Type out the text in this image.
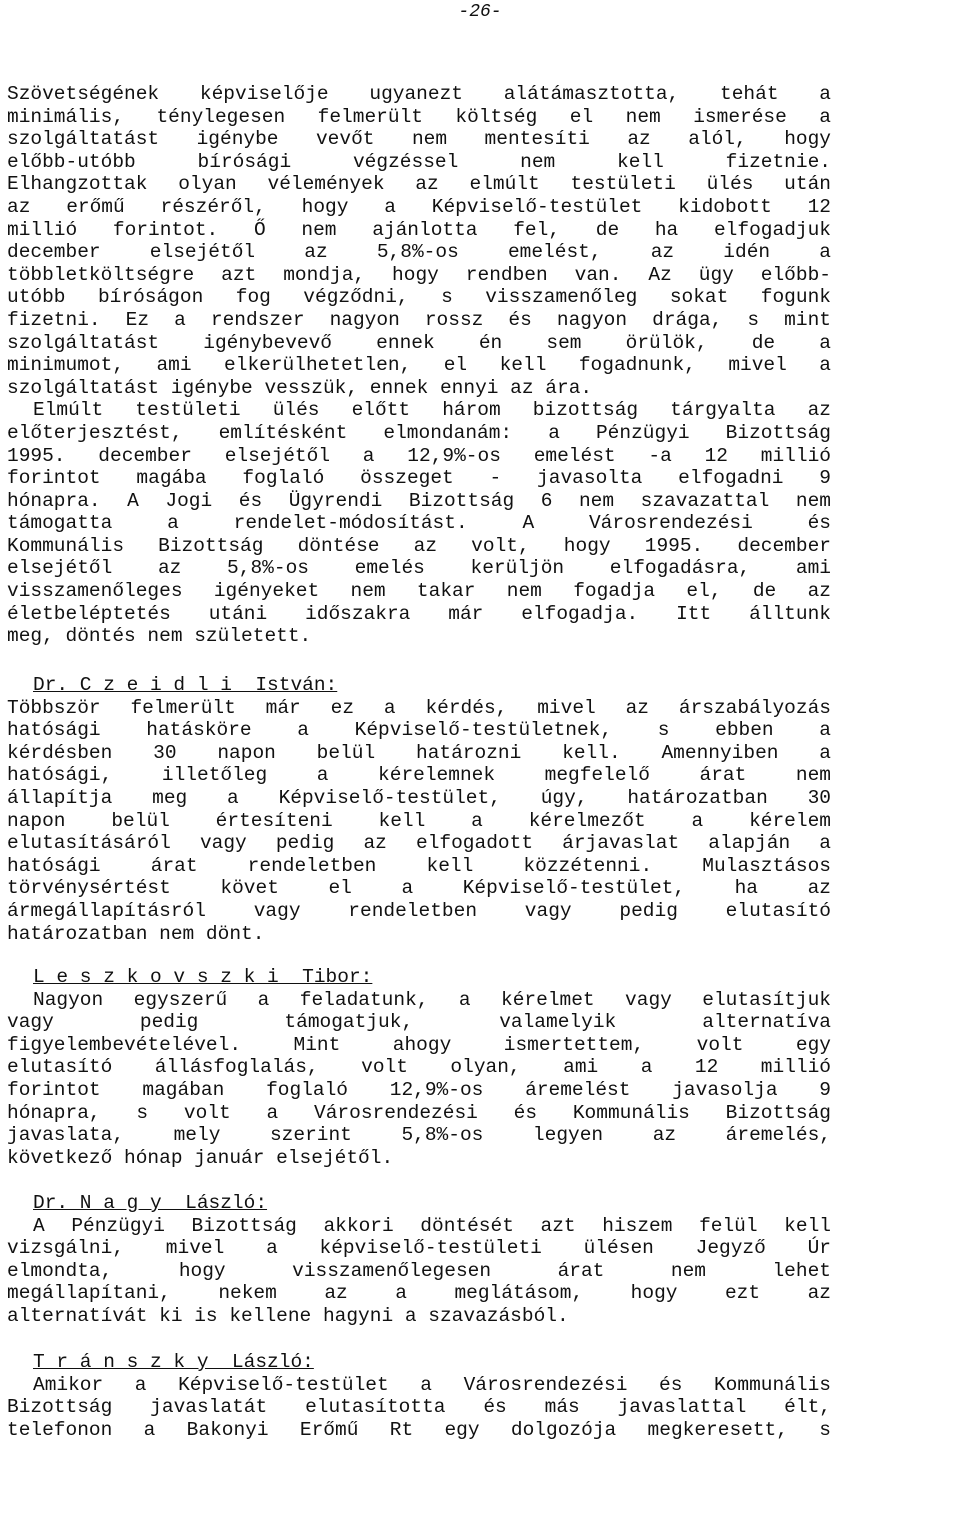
-26-
Szövetségének képviselője ugyanezt alátámasztotta, tehát a
minimális, ténylegesen felmerült költség el nem ismerése a
szolgáltatást igénybe vevőt nem mentesíti az alól, hogy
előbb-utóbb bírósági végzéssel nem kell fizetnie.
Elhangzottak olyan vélemények az elmúlt testületi ülés után
az erőmű részéről, hogy a Képviselő-testület kidobott 12
millió forintot. Ő nem ajánlotta fel, de ha elfogadjuk
december elsejétől az 5,8%-os emelést, az idén a
többletköltségre azt mondja, hogy rendben van. Az ügy előbb-
utóbb bíróságon fog végződni, s visszamenőleg sokat fogunk
fizetni. Ez a rendszer nagyon rossz és nagyon drága, s mint
szolgáltatást igénybevevő ennek én sem örülök, de a
minimumot, ami elkerülhetetlen, el kell fogadnunk, mivel a
szolgáltatást igénybe vesszük, ennek ennyi az ára.
Elmúlt testületi ülés előtt három bizottság tárgyalta az
előterjesztést, említésként elmondanám: a Pénzügyi Bizottság
1995. december elsejétől a 12,9%-os emelést -a 12 millió
forintot magába foglaló összeget - javasolta elfogadni 9
hónapra. A Jogi és Ügyrendi Bizottság 6 nem szavazattal nem
támogatta a rendelet-módosítást. A Városrendezési és
Kommunális Bizottság döntése az volt, hogy 1995. december
elsejétől az 5,8%-os emelés kerüljön elfogadásra, ami
visszamenőleges igényeket nem takar nem fogadja el, de az
életbeléptetés utáni időszakra már elfogadja. Itt álltunk
meg, döntés nem született.
Dr. C z e i d l i  István:
Többször felmerült már ez a kérdés, mivel az árszabályozás
hatósági hatásköre a Képviselő-testületnek, s ebben a
kérdésben 30 napon belül határozni kell. Amennyiben a
hatósági, illetőleg a kérelemnek megfelelő árat nem
állapítja meg a Képviselő-testület, úgy, határozatban 30
napon belül értesíteni kell a kérelmezőt a kérelem
elutasításáról vagy pedig az elfogadott árjavaslat alapján a
hatósági árat rendeletben kell közzétenni. Mulasztásos
törvénysértést követ el a Képviselő-testület, ha az
ármegállapításról vagy rendeletben vagy pedig elutasító
határozatban nem dönt.
L e s z k o v s z k i  Tibor:
Nagyon egyszerű a feladatunk, a kérelmet vagy elutasítjuk
vagy pedig támogatjuk, valamelyik alternatíva
figyelembevételével. Mint ahogy ismertettem, volt egy
elutasító állásfoglalás, volt olyan, ami a 12 millió
forintot magában foglaló 12,9%-os áremelést javasolja 9
hónapra, s volt a Városrendezési és Kommunális Bizottság
javaslata, mely szerint 5,8%-os legyen az áremelés,
következő hónap január elsejétől.
Dr. N a g y  László:
A Pénzügyi Bizottság akkori döntését azt hiszem felül kell
vizsgálni, mivel a képviselő-testületi ülésen Jegyző Úr
elmondta, hogy visszamenőlegesen árat nem lehet
megállapítani, nekem az a meglátásom, hogy ezt az
alternatívát ki is kellene hagyni a szavazásból.
T r á n s z k y  László:
Amikor a Képviselő-testület a Városrendezési és Kommunális
Bizottság javaslatát elutasította és más javaslattal élt,
telefonon a Bakonyi Erőmű Rt egy dolgozója megkeresett, s
